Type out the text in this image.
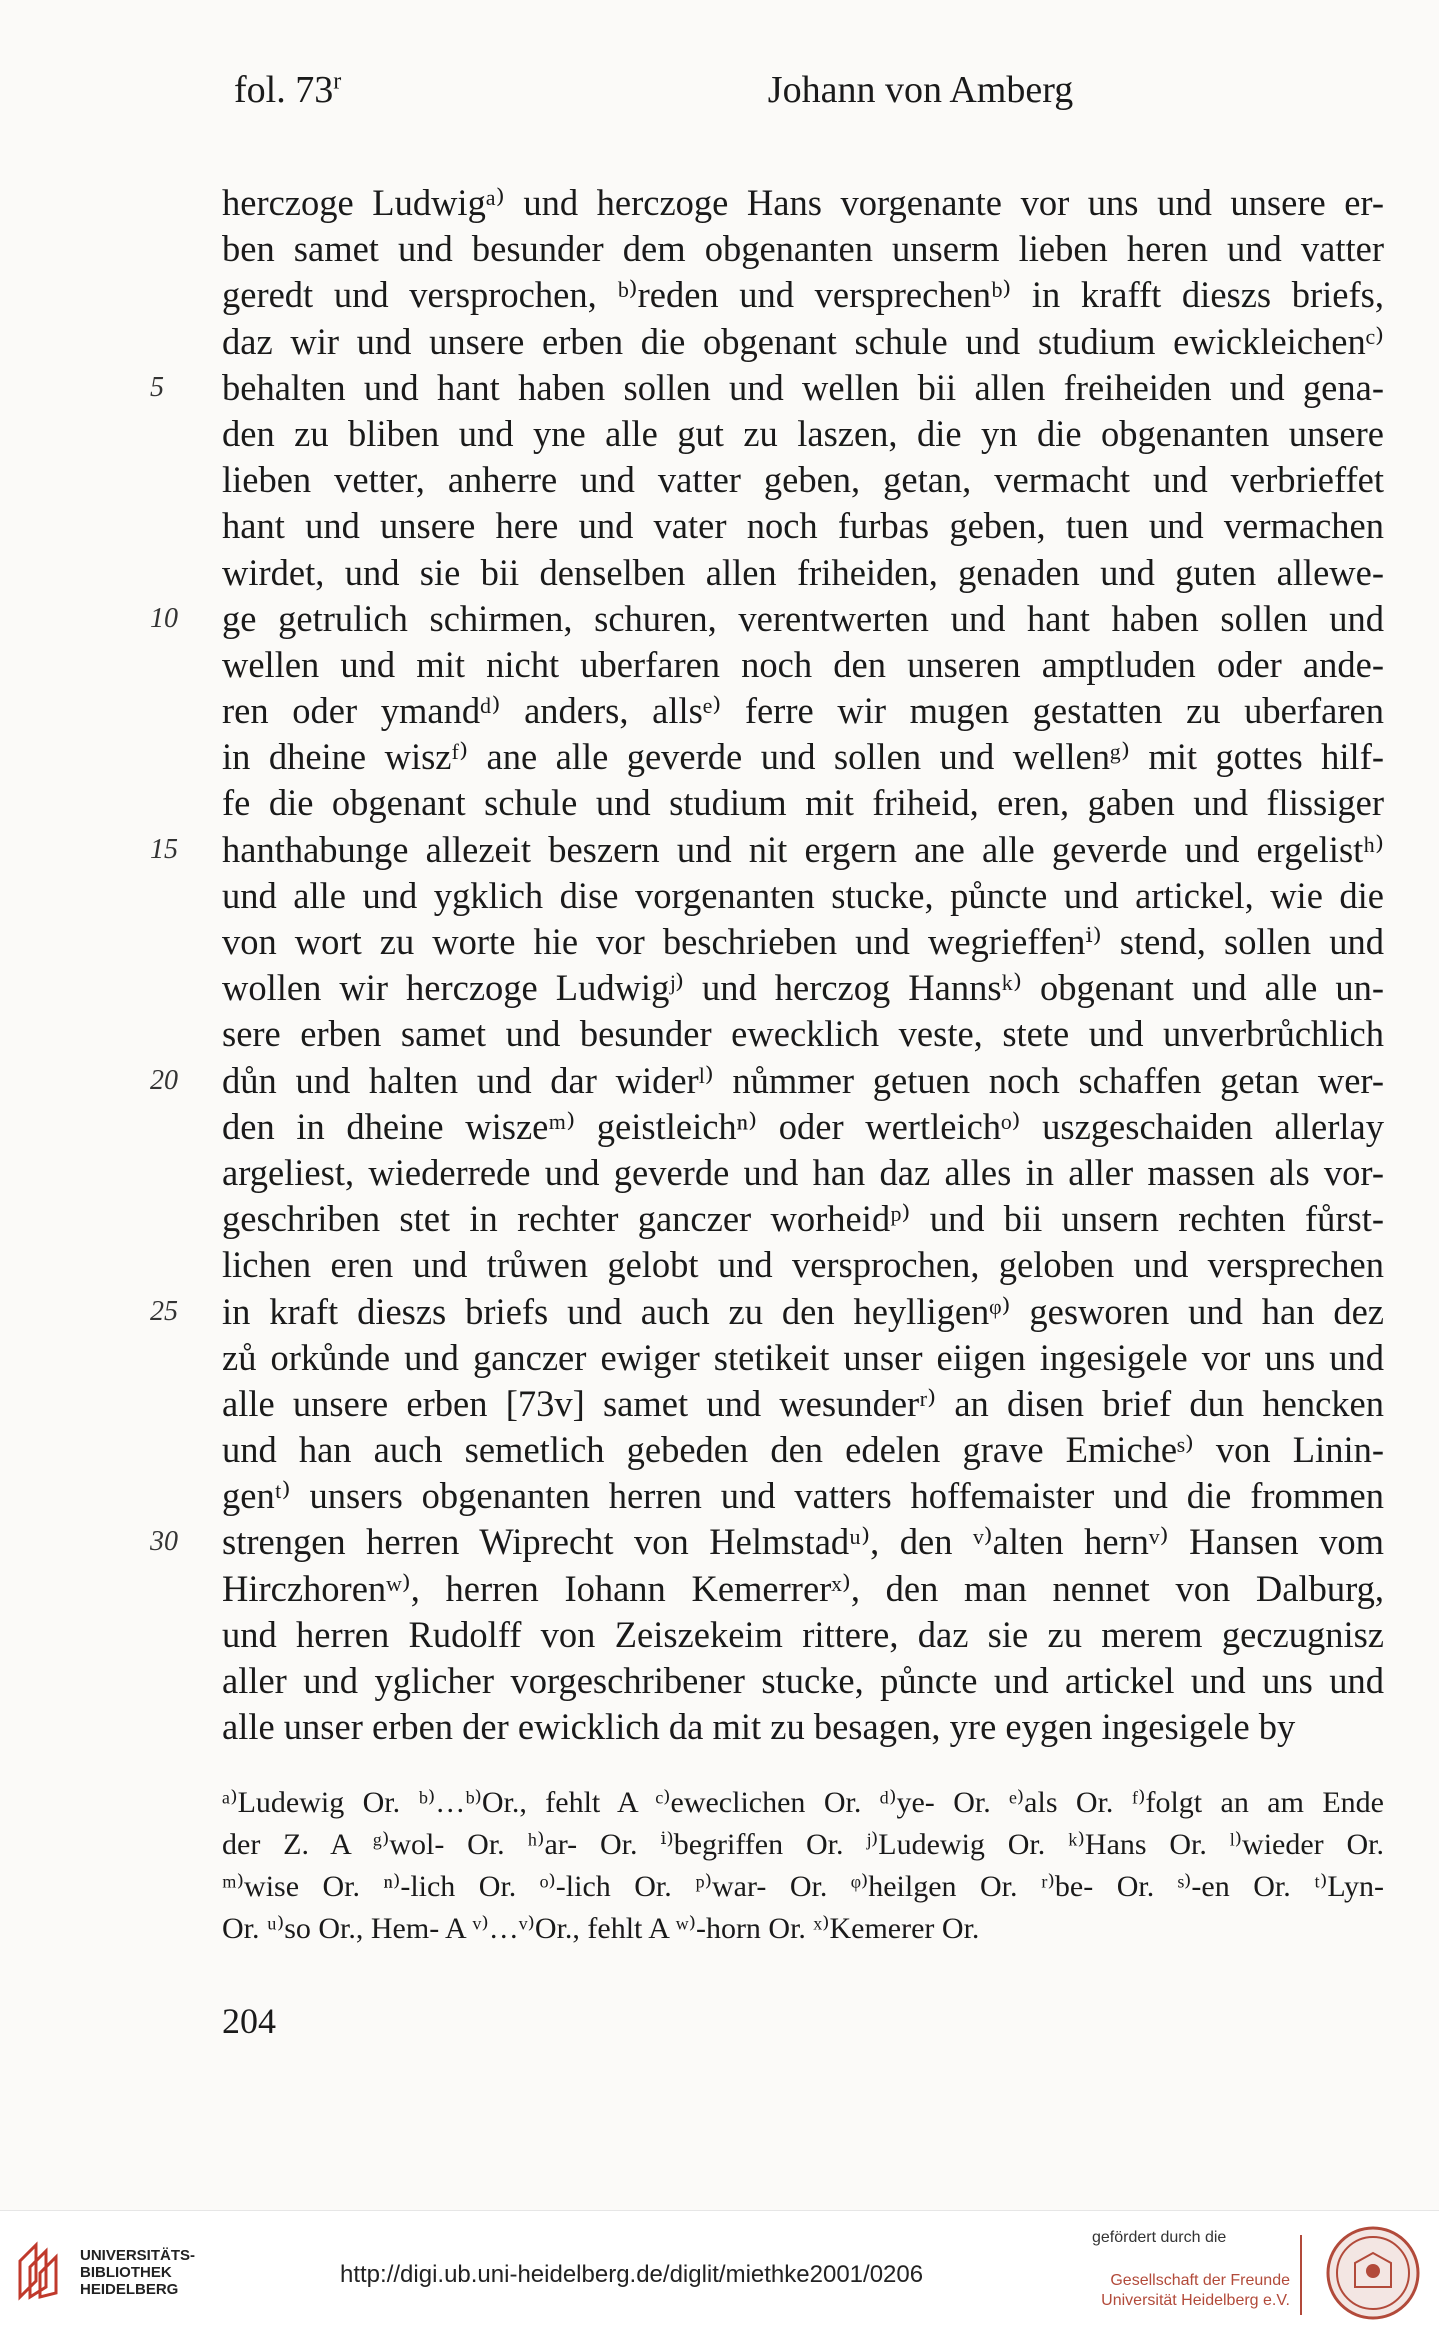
fol. 73$^r$	Johann von Amberg
herczoge Ludwigᵃ⁾ und herczoge Hans vorgenante vor uns und unsere er-
ben samet und besunder dem obgenanten unserm lieben heren und vatter
geredt und versprochen, ᵇ⁾reden und versprechenᵇ⁾ in krafft dieszs briefs,
daz wir und unsere erben die obgenant schule und studium ewickleichenᶜ⁾
5	behalten und hant haben sollen und wellen bii allen freiheiden und gena-
den zu bliben und yne alle gut zu laszen, die yn die obgenanten unsere
lieben vetter, anherre und vatter geben, getan, vermacht und verbrieffet
hant und unsere here und vater noch furbas geben, tuen und vermachen
wirdet, und sie bii denselben allen friheiden, genaden und guten allewe-
10	ge getrulich schirmen, schuren, verentwerten und hant haben sollen und
wellen und mit nicht uberfaren noch den unseren amptluden oder ande-
ren oder ymandᵈ⁾ anders, allsᵉ⁾ ferre wir mugen gestatten zu uberfaren
in dheine wiszᶠ⁾ ane alle geverde und sollen und wellenᵍ⁾ mit gottes hilf-
fe die obgenant schule und studium mit friheid, eren, gaben und flissiger
15	hanthabunge allezeit beszern und nit ergern ane alle geverde und ergelistʰ⁾
und alle und ygklich dise vorgenanten stucke, půncte und artickel, wie die
von wort zu worte hie vor beschrieben und wegrieffenⁱ⁾ stend, sollen und
wollen wir herczoge Ludwigʲ⁾ und herczog Hannsᵏ⁾ obgenant und alle un-
sere erben samet und besunder ewecklich veste, stete und unverbrůchlich
20	důn und halten und dar widerˡ⁾ nůmmer getuen noch schaffen getan wer-
den in dheine wiszeᵐ⁾ geistleichⁿ⁾ oder wertleichᵒ⁾ uszgeschaiden allerlay
argeliest, wiederrede und geverde und han daz alles in aller massen als vor-
geschriben stet in rechter ganczer worheidᵖ⁾ und bii unsern rechten fůrst-
lichen eren und trůwen gelobt und versprochen, geloben und versprechen
25	in kraft dieszs briefs und auch zu den heylligenᵠ⁾ gesworen und han dez
zů orkůnde und ganczer ewiger stetikeit unser eiigen ingesigele vor uns und
alle unsere erben [73v] samet und wesunderʳ⁾ an disen brief dun hencken
und han auch semetlich gebeden den edelen grave Emicheˢ⁾ von Linin-
genᵗ⁾ unsers obgenanten herren und vatters hoffemaister und die frommen
30	strengen herren Wiprecht von Helmstadᵘ⁾, den ᵛ⁾alten hernᵛ⁾ Hansen vom
Hirczhorenʷ⁾, herren Iohann Kemerrerˣ⁾, den man nennet von Dalburg,
und herren Rudolff von Zeiszekeim rittere, daz sie zu merem geczugnisz
aller und yglicher vorgeschribener stucke, půncte und artickel und uns und
alle unser erben der ewicklich da mit zu besagen, yre eygen ingesigele by
ᵃ⁾Ludewig Or. ᵇ⁾…ᵇ⁾Or., fehlt A ᶜ⁾eweclichen Or. ᵈ⁾ye- Or. ᵉ⁾als Or. ᶠ⁾folgt an am Ende
der Z. A ᵍ⁾wol- Or. ʰ⁾ar- Or. ⁱ⁾begriffen Or. ʲ⁾Ludewig Or. ᵏ⁾Hans Or. ˡ⁾wieder Or.
ᵐ⁾wise Or. ⁿ⁾-lich Or. ᵒ⁾-lich Or. ᵖ⁾war- Or. ᵠ⁾heilgen Or. ʳ⁾be- Or. ˢ⁾-en Or. ᵗ⁾Lyn-
Or. ᵘ⁾so Or., Hem- A ᵛ⁾…ᵛ⁾Or., fehlt A ʷ⁾-horn Or. ˣ⁾Kemerer Or.
204
UNIVERSITÄTS-
BIBLIOTHEK
HEIDELBERG
http://digi.ub.uni-heidelberg.de/diglit/miethke2001/0206
gefördert durch die
Gesellschaft der Freunde
Universität Heidelberg e.V.
